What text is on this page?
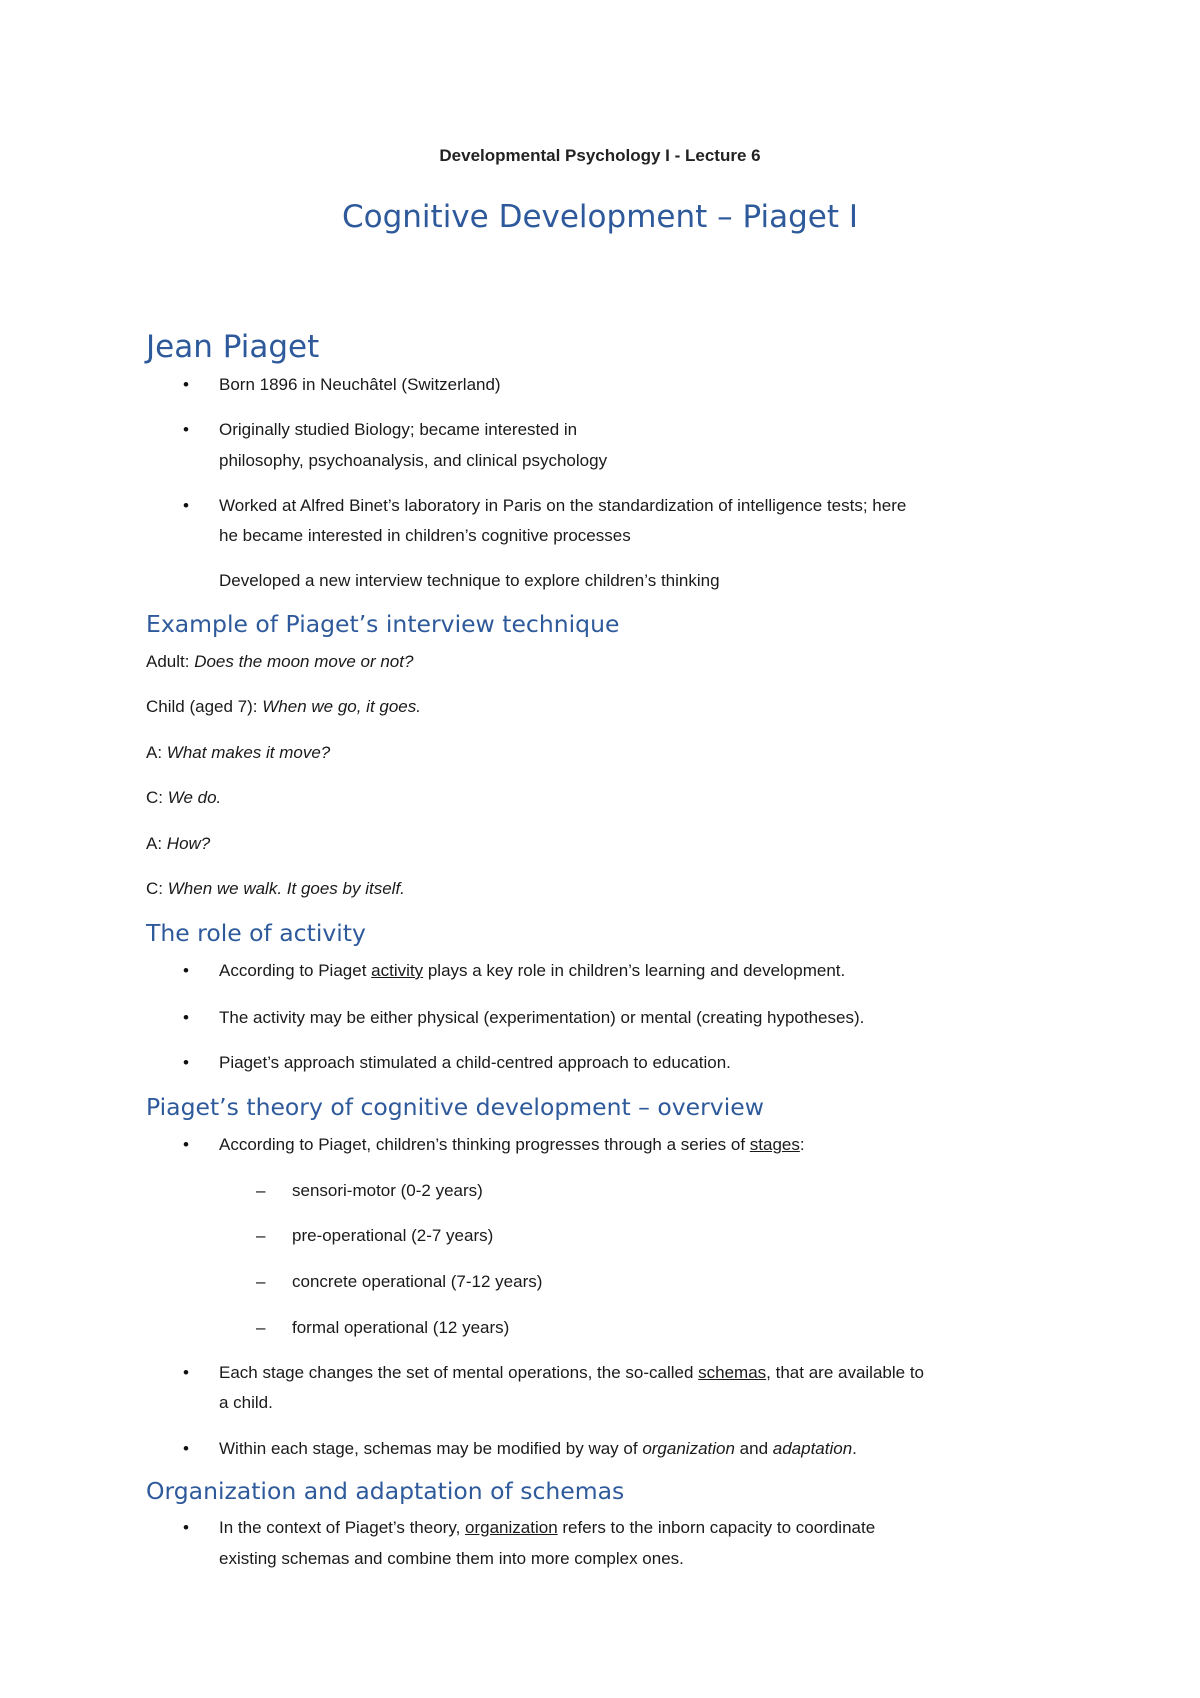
Developmental Psychology I - Lecture 6
Cognitive Development – Piaget I
Jean Piaget
• Born 1896 in Neuchâtel (Switzerland)
• Originally studied Biology; became interested in
philosophy, psychoanalysis, and clinical psychology
• Worked at Alfred Binet’s laboratory in Paris on the standardization of intelligence tests; here
he became interested in children’s cognitive processes
Developed a new interview technique to explore children’s thinking
Example of Piaget’s interview technique
Adult: Does the moon move or not?
Child (aged 7): When we go, it goes.
A: What makes it move?
C: We do.
A: How?
C: When we walk. It goes by itself.
The role of activity
• According to Piaget activity plays a key role in children’s learning and development.
• The activity may be either physical (experimentation) or mental (creating hypotheses).
• Piaget’s approach stimulated a child-centred approach to education.
Piaget’s theory of cognitive development – overview
• According to Piaget, children’s thinking progresses through a series of stages:
– sensori-motor (0-2 years)
– pre-operational (2-7 years)
– concrete operational (7-12 years)
– formal operational (12 years)
• Each stage changes the set of mental operations, the so-called schemas, that are available to
a child.
• Within each stage, schemas may be modified by way of organization and adaptation.
Organization and adaptation of schemas
• In the context of Piaget’s theory, organization refers to the inborn capacity to coordinate
existing schemas and combine them into more complex ones.
